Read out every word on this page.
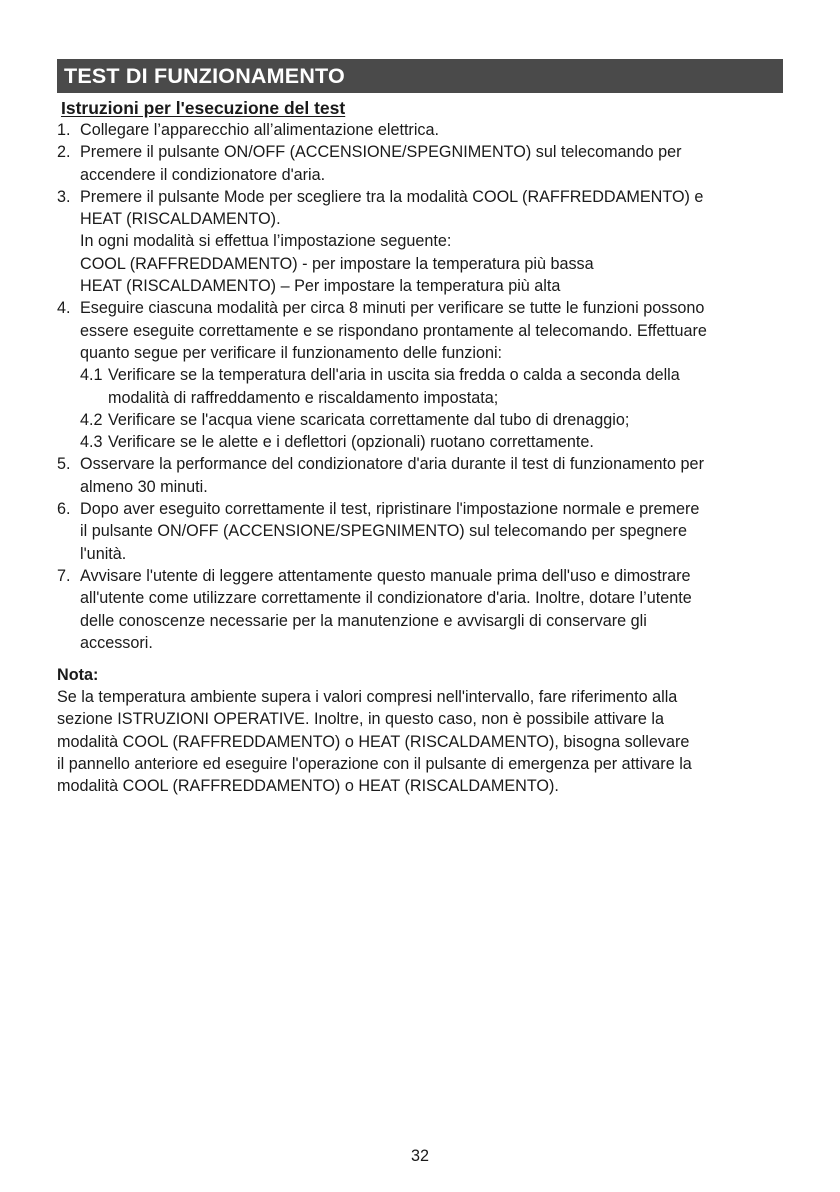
TEST DI FUNZIONAMENTO
Istruzioni per l'esecuzione del test
1. Collegare l’apparecchio all’alimentazione elettrica.
2. Premere il pulsante ON/OFF (ACCENSIONE/SPEGNIMENTO) sul telecomando per
accendere il condizionatore d'aria.
3. Premere il pulsante Mode per scegliere tra la modalità COOL (RAFFREDDAMENTO) e
HEAT (RISCALDAMENTO).
In ogni modalità si effettua l’impostazione seguente:
COOL (RAFFREDDAMENTO) - per impostare la temperatura più bassa
HEAT (RISCALDAMENTO) – Per impostare la temperatura più alta
4. Eseguire ciascuna modalità per circa 8 minuti per verificare se tutte le funzioni possono
essere eseguite correttamente e se rispondano prontamente al telecomando. Effettuare
quanto segue per verificare il funzionamento delle funzioni:
4.1 Verificare se la temperatura dell'aria in uscita sia fredda o calda a seconda della
modalità di raffreddamento e riscaldamento impostata;
4.2 Verificare se l'acqua viene scaricata correttamente dal tubo di drenaggio;
4.3 Verificare se le alette e i deflettori (opzionali) ruotano correttamente.
5. Osservare la performance del condizionatore d'aria durante il test di funzionamento per
almeno 30 minuti.
6. Dopo aver eseguito correttamente il test, ripristinare l'impostazione normale e premere
il pulsante ON/OFF (ACCENSIONE/SPEGNIMENTO) sul telecomando per spegnere
l'unità.
7. Avvisare l'utente di leggere attentamente questo manuale prima dell'uso e dimostrare
all'utente come utilizzare correttamente il condizionatore d'aria. Inoltre, dotare l’utente
delle conoscenze necessarie per la manutenzione e avvisargli di conservare gli
accessori.
Nota:
Se la temperatura ambiente supera i valori compresi nell'intervallo, fare riferimento alla
sezione ISTRUZIONI OPERATIVE. Inoltre, in questo caso, non è possibile attivare la
modalità COOL (RAFFREDDAMENTO) o HEAT (RISCALDAMENTO), bisogna sollevare
il pannello anteriore ed eseguire l'operazione con il pulsante di emergenza per attivare la
modalità COOL (RAFFREDDAMENTO) o HEAT (RISCALDAMENTO).
32
